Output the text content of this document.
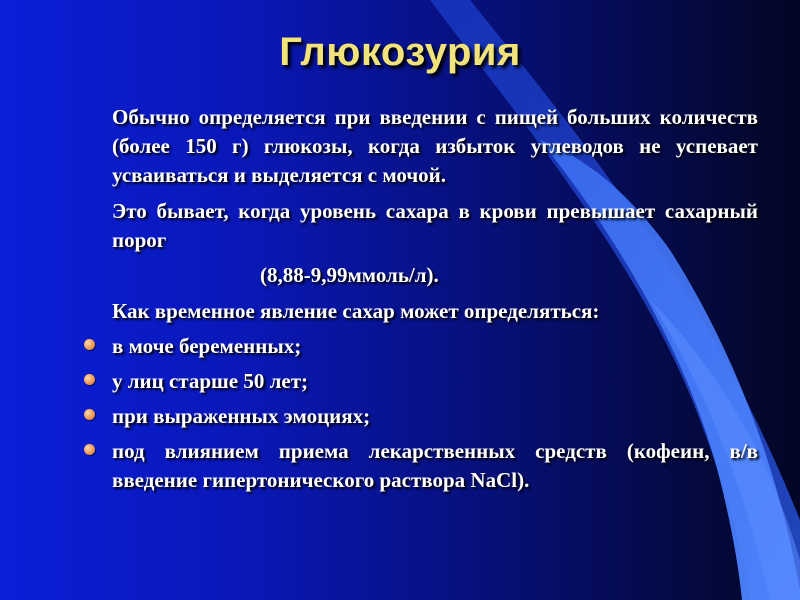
Глюкозурия

Обычно определяется при введении с пищей больших количеств (более 150 г) глюкозы, когда избыток углеводов не успевает усваиваться и выделяется с мочой.

Это бывает, когда уровень сахара в крови превышает сахарный порог

(8,88-9,99ммоль/л).

Как временное явление сахар может определяться:

в моче беременных;
у лиц старше 50 лет;
при выраженных эмоциях;
под влиянием приема лекарственных средств (кофеин, в/в введение гипертонического раствора NaCl).
